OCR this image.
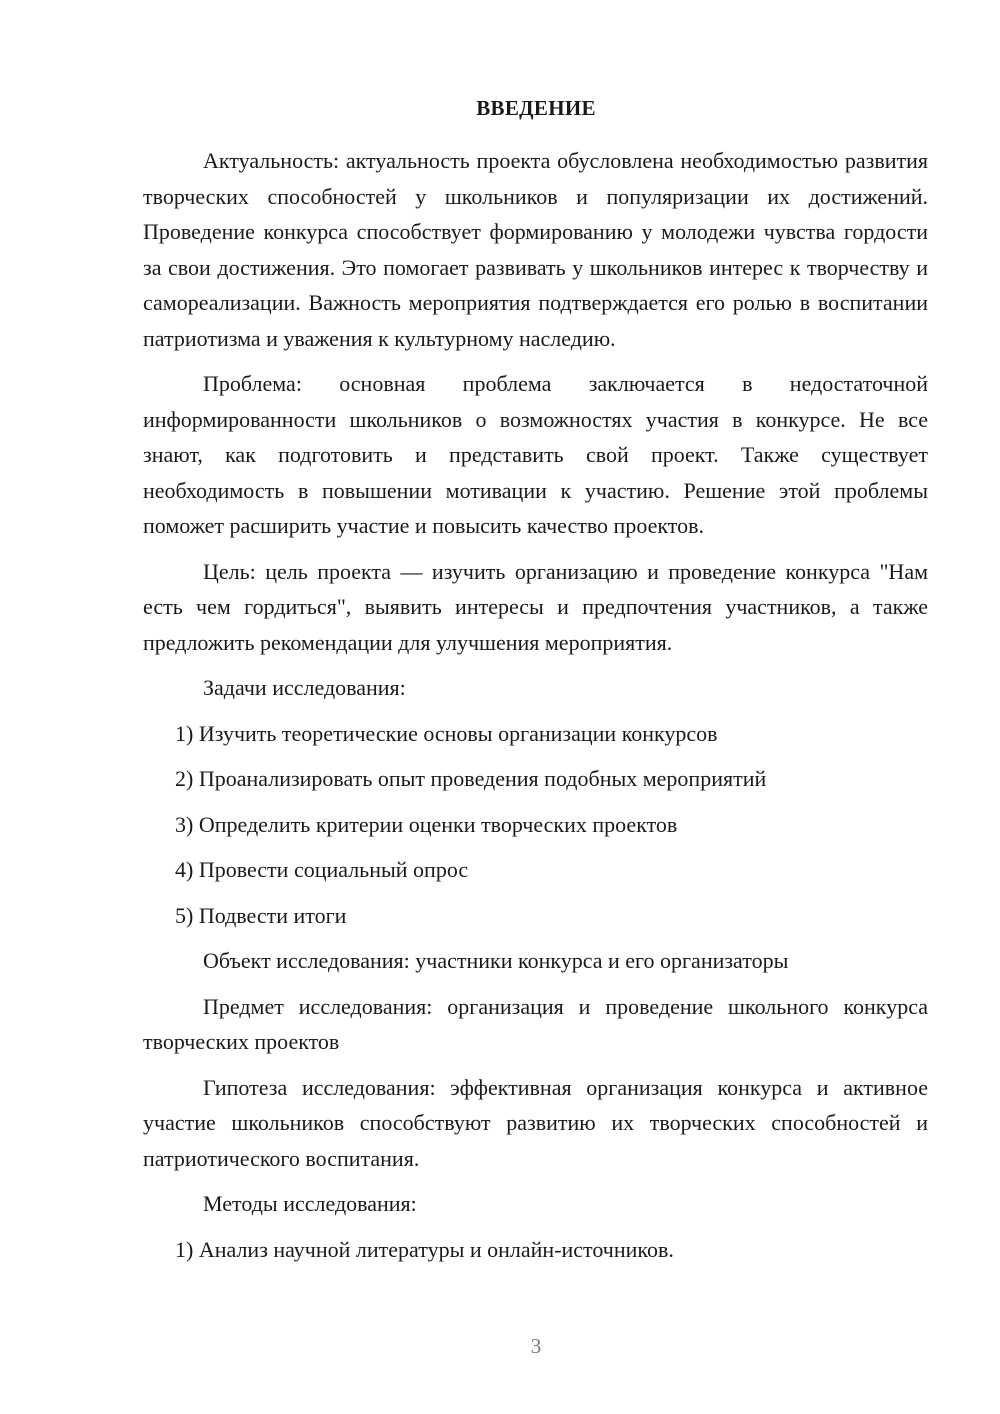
ВВЕДЕНИЕ

Актуальность: актуальность проекта обусловлена необходимостью развития творческих способностей у школьников и популяризации их достижений. Проведение конкурса способствует формированию у молодежи чувства гордости за свои достижения. Это помогает развивать у школьников интерес к творчеству и самореализации. Важность мероприятия подтверждается его ролью в воспитании патриотизма и уважения к культурному наследию.

Проблема: основная проблема заключается в недостаточной информированности школьников о возможностях участия в конкурсе. Не все знают, как подготовить и представить свой проект. Также существует необходимость в повышении мотивации к участию. Решение этой проблемы поможет расширить участие и повысить качество проектов.

Цель: цель проекта — изучить организацию и проведение конкурса "Нам есть чем гордиться", выявить интересы и предпочтения участников, а также предложить рекомендации для улучшения мероприятия.

Задачи исследования:

1) Изучить теоретические основы организации конкурсов
2) Проанализировать опыт проведения подобных мероприятий
3) Определить критерии оценки творческих проектов
4) Провести социальный опрос
5) Подвести итоги

Объект исследования: участники конкурса и его организаторы

Предмет исследования: организация и проведение школьного конкурса творческих проектов

Гипотеза исследования: эффективная организация конкурса и активное участие школьников способствуют развитию их творческих способностей и патриотического воспитания.

Методы исследования:

1) Анализ научной литературы и онлайн-источников.
3
